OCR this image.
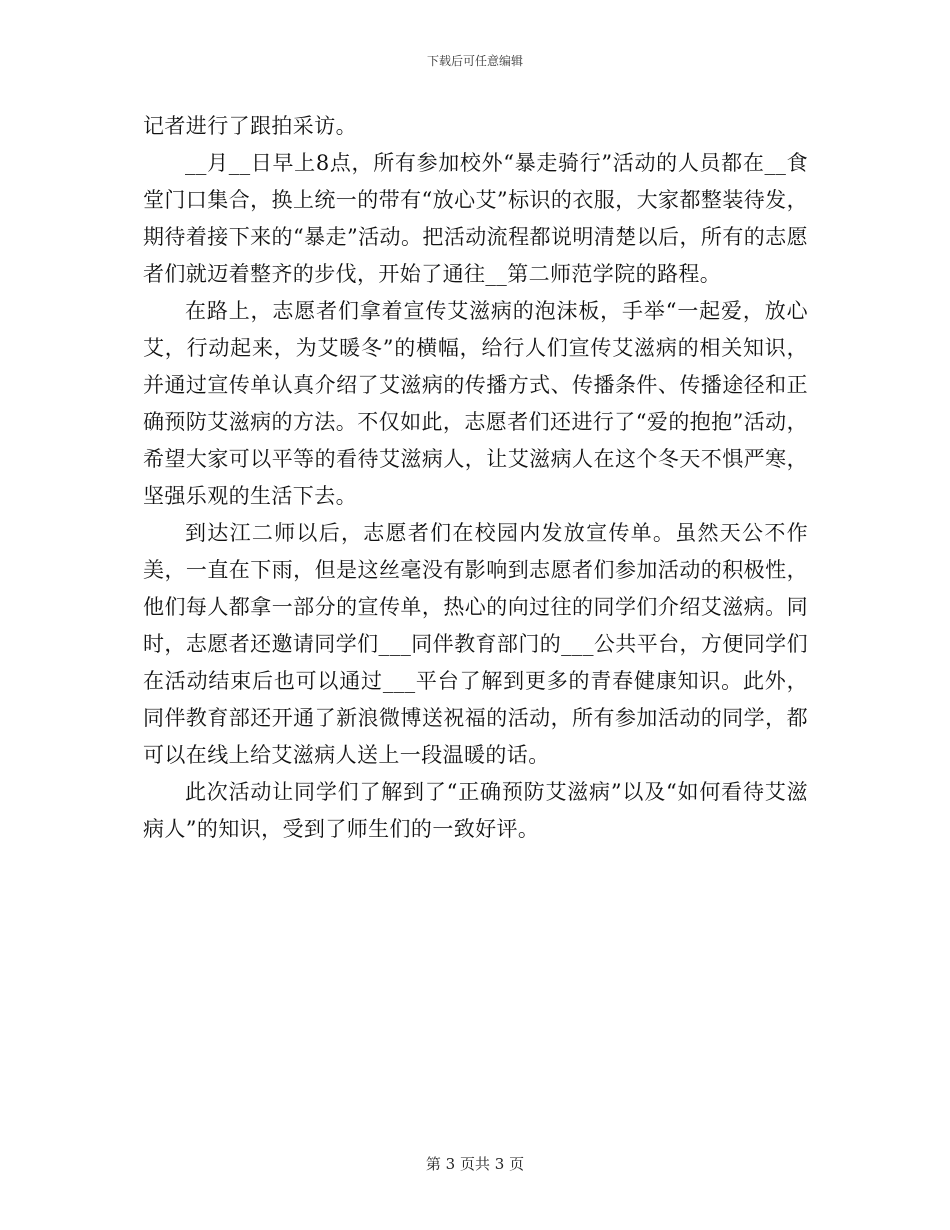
下载后可任意编辑

记者进行了跟拍采访。

__月__日早上8点，所有参加校外“暴走骑行”活动的人员都在__食堂门口集合，换上统一的带有“放心艾”标识的衣服，大家都整装待发，期待着接下来的“暴走”活动。把活动流程都说明清楚以后，所有的志愿者们就迈着整齐的步伐，开始了通往__第二师范学院的路程。

在路上，志愿者们拿着宣传艾滋病的泡沫板，手举“一起爱，放心艾，行动起来，为艾暖冬”的横幅，给行人们宣传艾滋病的相关知识，并通过宣传单认真介绍了艾滋病的传播方式、传播条件、传播途径和正确预防艾滋病的方法。不仅如此，志愿者们还进行了“爱的抱抱”活动，希望大家可以平等的看待艾滋病人，让艾滋病人在这个冬天不惧严寒，坚强乐观的生活下去。

到达江二师以后，志愿者们在校园内发放宣传单。虽然天公不作美，一直在下雨，但是这丝毫没有影响到志愿者们参加活动的积极性，他们每人都拿一部分的宣传单，热心的向过往的同学们介绍艾滋病。同时，志愿者还邀请同学们___同伴教育部门的___公共平台，方便同学们在活动结束后也可以通过___平台了解到更多的青春健康知识。此外，同伴教育部还开通了新浪微博送祝福的活动，所有参加活动的同学，都可以在线上给艾滋病人送上一段温暖的话。

此次活动让同学们了解到了“正确预防艾滋病”以及“如何看待艾滋病人”的知识，受到了师生们的一致好评。

第 3 页共 3 页
